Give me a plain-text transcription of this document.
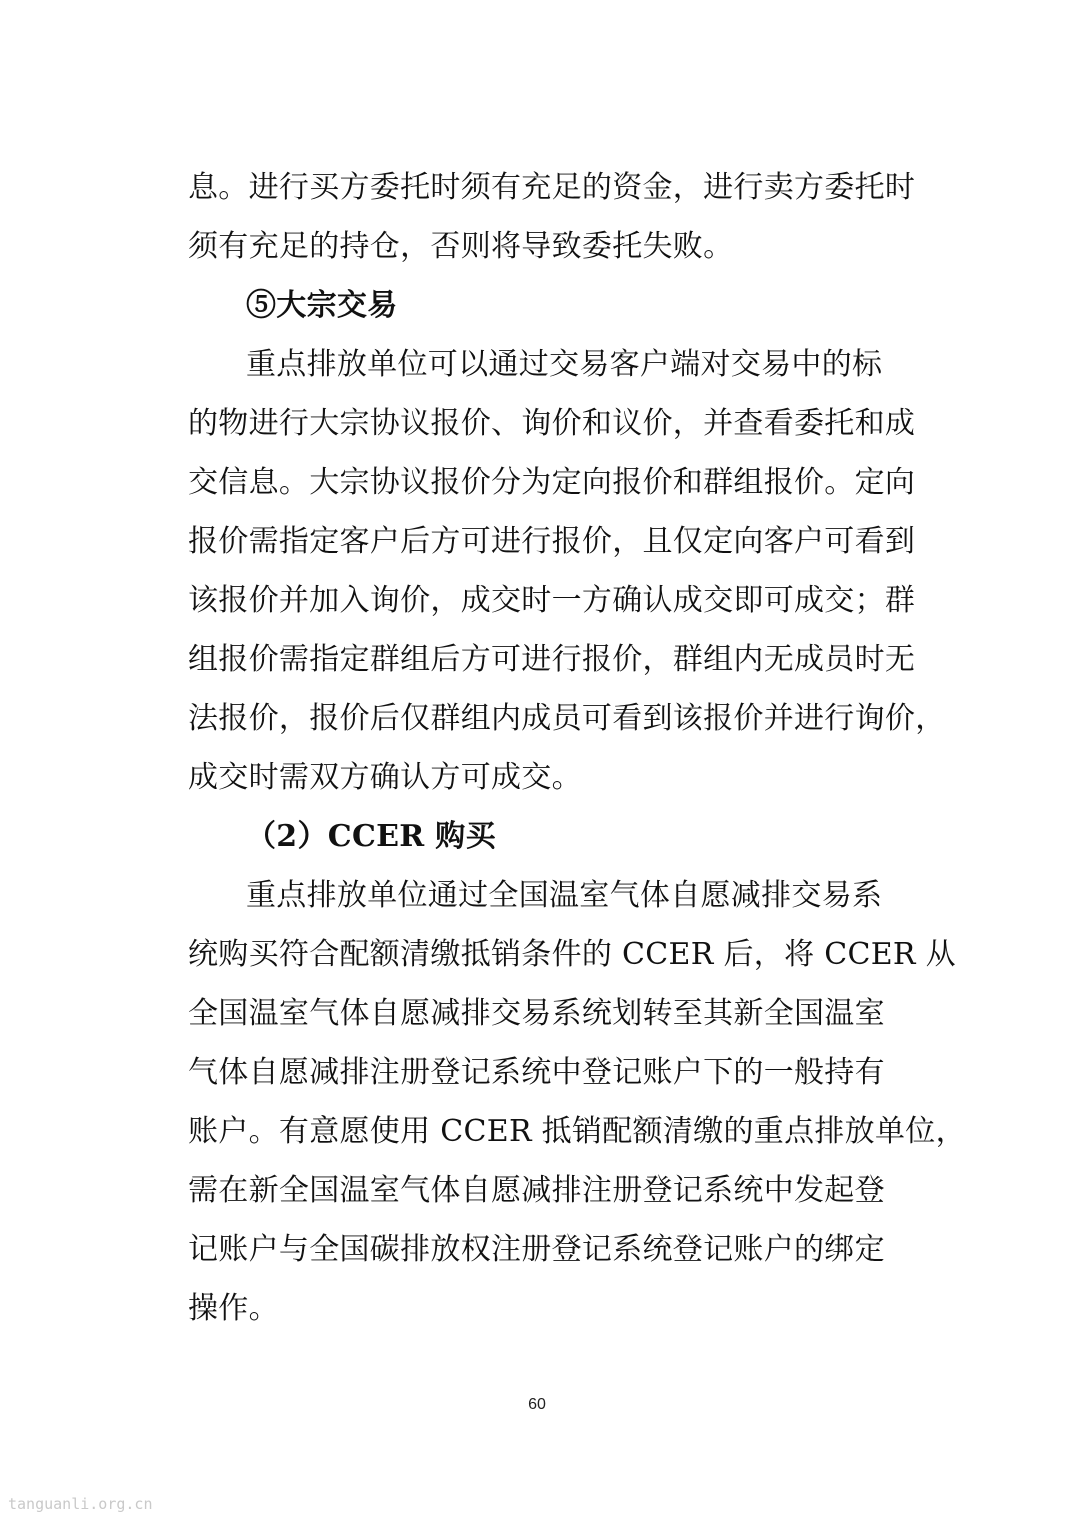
息。进行买方委托时须有充足的资金，进行卖方委托时
须有充足的持仓，否则将导致委托失败。
⑤大宗交易
重点排放单位可以通过交易客户端对交易中的标
的物进行大宗协议报价、询价和议价，并查看委托和成
交信息。大宗协议报价分为定向报价和群组报价。定向
报价需指定客户后方可进行报价，且仅定向客户可看到
该报价并加入询价，成交时一方确认成交即可成交；群
组报价需指定群组后方可进行报价，群组内无成员时无
法报价，报价后仅群组内成员可看到该报价并进行询价，
成交时需双方确认方可成交。
（2）CCER 购买
重点排放单位通过全国温室气体自愿减排交易系
统购买符合配额清缴抵销条件的 CCER 后，将 CCER 从
全国温室气体自愿减排交易系统划转至其新全国温室
气体自愿减排注册登记系统中登记账户下的一般持有
账户。有意愿使用 CCER 抵销配额清缴的重点排放单位，
需在新全国温室气体自愿减排注册登记系统中发起登
记账户与全国碳排放权注册登记系统登记账户的绑定
操作。
60
tanguanli.org.cn
